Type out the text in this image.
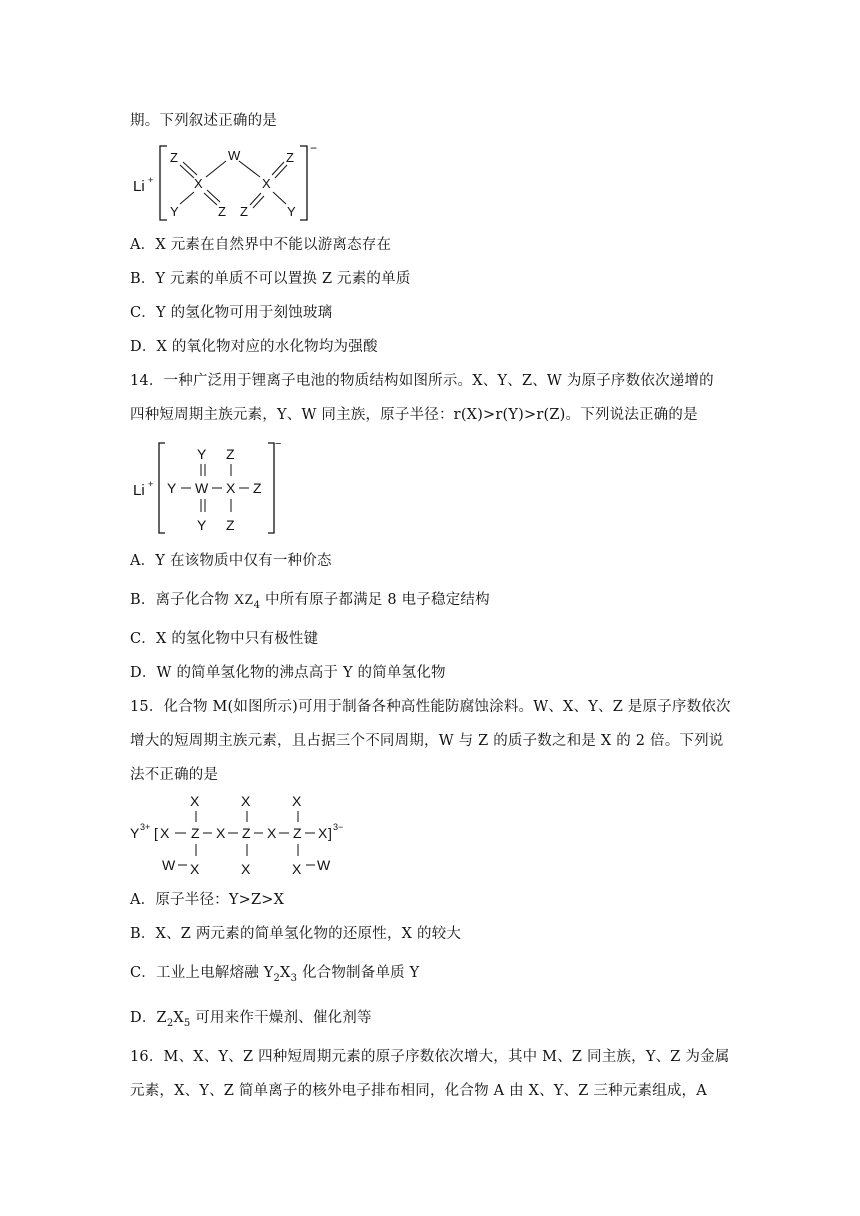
期。下列叙述正确的是
Li +
−
Z	W	Z
X	X
Y	Z Z	Y
A．X 元素在自然界中不能以游离态存在
B．Y 元素的单质不可以置换 Z 元素的单质
C．Y 的氢化物可用于刻蚀玻璃
D．X 的氧化物对应的水化物均为强酸
14．一种广泛用于锂离子电池的物质结构如图所示。X、Y、Z、W 为原子序数依次递增的
四种短周期主族元素，Y、W 同主族，原子半径：r(X)>r(Y)>r(Z)。下列说法正确的是
Li +
−
Y Z
Y W X Z
Y Z
A．Y 在该物质中仅有一种价态
B．离子化合物 $XZ_4$ 中所有原子都满足 8 电子稳定结构
C．X 的氢化物中只有极性键
D．W 的简单氢化物的沸点高于 Y 的简单氢化物
15．化合物 M(如图所示)可用于制备各种高性能防腐蚀涂料。W、X、Y、Z 是原子序数依次
增大的短周期主族元素，且占据三个不同周期，W 与 Z 的质子数之和是 X 的 2 倍。下列说
法不正确的是
X	X	X
Y 3+ [ X Z X Z X Z X ] 3−
W X	X	X W
A．原子半径：Y>Z>X
B．X、Z 两元素的简单氢化物的还原性，X 的较大
C．工业上电解熔融 $Y_2X_3$ 化合物制备单质 Y
D．$Z_2X_5$ 可用来作干燥剂、催化剂等
16．M、X、Y、Z 四种短周期元素的原子序数依次增大，其中 M、Z 同主族，Y、Z 为金属
元素，X、Y、Z 简单离子的核外电子排布相同，化合物 A 由 X、Y、Z 三种元素组成，A
